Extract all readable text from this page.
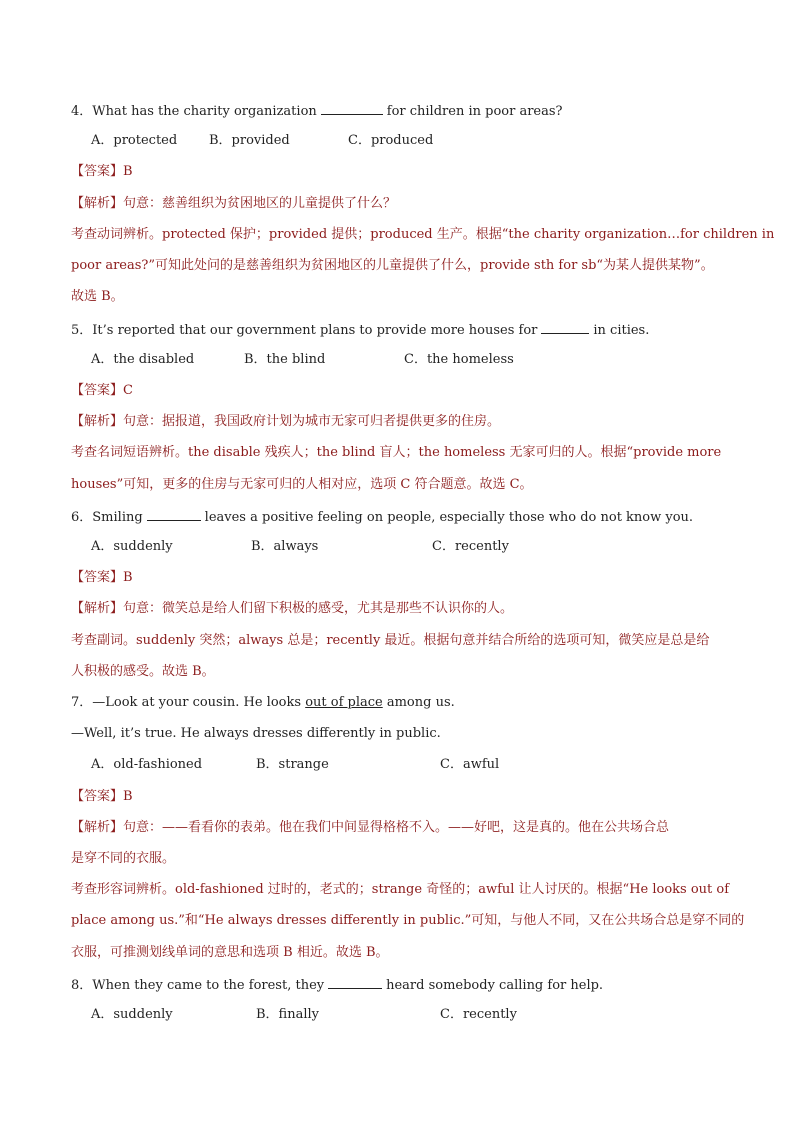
4．What has the charity organization	for children in poor areas?
A．protected B．provided	C．produced
【答案】B
【解析】句意：慈善组织为贫困地区的儿童提供了什么？
考查动词辨析。protected 保护；provided 提供；produced 生产。根据“the charity organization…for children in
poor areas?”可知此处问的是慈善组织为贫困地区的儿童提供了什么，provide sth for sb“为某人提供某物”。
故选 B。
5．It’s reported that our government plans to provide more houses for	in cities.
A．the disabled	B．the blind	C．the homeless
【答案】C
【解析】句意：据报道，我国政府计划为城市无家可归者提供更多的住房。
考查名词短语辨析。the disable 残疾人；the blind 盲人；the homeless 无家可归的人。根据“provide more
houses”可知，更多的住房与无家可归的人相对应，选项 C 符合题意。故选 C。
6．Smiling	leaves a positive feeling on people, especially those who do not know you.
A．suddenly	B．always	C．recently
【答案】B
【解析】句意：微笑总是给人们留下积极的感受，尤其是那些不认识你的人。
考查副词。suddenly 突然；always 总是；recently 最近。根据句意并结合所给的选项可知，微笑应是总是给
人积极的感受。故选 B。
7．—Look at your cousin. He looks out of place among us.
—Well, it’s true. He always dresses differently in public.
A．old-fashioned	B．strange	C．awful
【答案】B
【解析】句意：——看看你的表弟。他在我们中间显得格格不入。——好吧，这是真的。他在公共场合总
是穿不同的衣服。
考查形容词辨析。old-fashioned 过时的，老式的；strange 奇怪的；awful 让人讨厌的。根据“He looks out of
place among us.”和“He always dresses differently in public.”可知，与他人不同，又在公共场合总是穿不同的
衣服，可推测划线单词的意思和选项 B 相近。故选 B。
8．When they came to the forest, they	heard somebody calling for help.
A．suddenly	B．finally	C．recently
